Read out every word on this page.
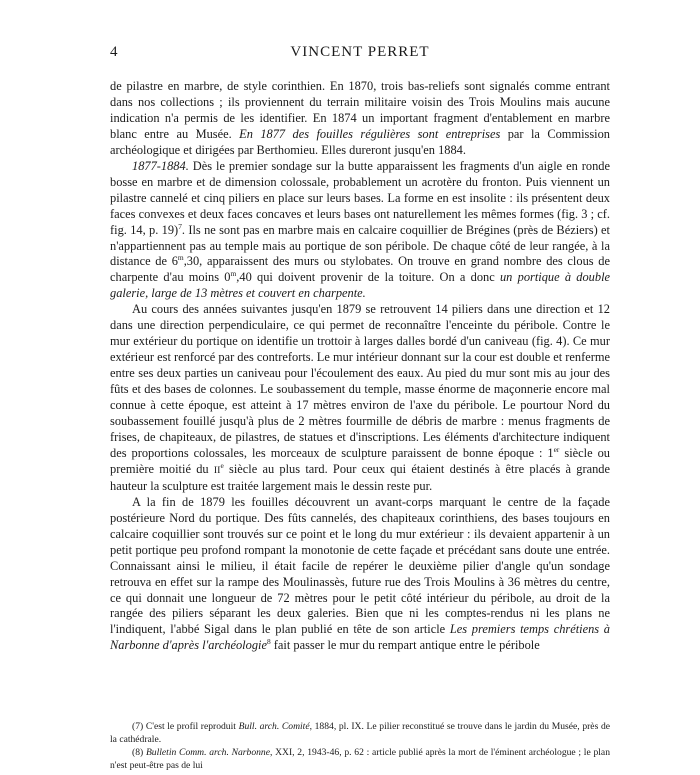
4	VINCENT PERRET

de pilastre en marbre, de style corinthien. En 1870, trois bas-reliefs sont signalés comme entrant dans nos collections ; ils proviennent du terrain militaire voisin des Trois Moulins mais aucune indication n'a permis de les identifier. En 1874 un important fragment d'entablement en marbre blanc entre au Musée. En 1877 des fouilles régulières sont entreprises par la Commission archéologique et dirigées par Berthomieu. Elles dureront jusqu'en 1884.

1877-1884. Dès le premier sondage sur la butte apparaissent les fragments d'un aigle en ronde bosse en marbre et de dimension colossale, probablement un acrotère du fronton. Puis viennent un pilastre cannelé et cinq piliers en place sur leurs bases. La forme en est insolite : ils présentent deux faces convexes et deux faces concaves et leurs bases ont naturellement les mêmes formes (fig. 3 ; cf. fig. 14, p. 19)$^7$. Ils ne sont pas en marbre mais en calcaire coquillier de Brégines (près de Béziers) et n'appartiennent pas au temple mais au portique de son péribole. De chaque côté de leur rangée, à la distance de 6$^m$,30, apparaissent des murs ou stylobates. On trouve en grand nombre des clous de charpente d'au moins 0$^m$,40 qui doivent provenir de la toiture. On a donc un portique à double galerie, large de 13 mètres et couvert en charpente.

Au cours des années suivantes jusqu'en 1879 se retrouvent 14 piliers dans une direction et 12 dans une direction perpendiculaire, ce qui permet de reconnaître l'enceinte du péribole. Contre le mur extérieur du portique on identifie un trottoir à larges dalles bordé d'un caniveau (fig. 4). Ce mur extérieur est renforcé par des contreforts. Le mur intérieur donnant sur la cour est double et renferme entre ses deux parties un caniveau pour l'écoulement des eaux. Au pied du mur sont mis au jour des fûts et des bases de colonnes. Le soubassement du temple, masse énorme de maçonnerie encore mal connue à cette époque, est atteint à 17 mètres environ de l'axe du péribole. Le pourtour Nord du soubassement fouillé jusqu'à plus de 2 mètres fourmille de débris de marbre : menus fragments de frises, de chapiteaux, de pilastres, de statues et d'inscriptions. Les éléments d'architecture indiquent des proportions colossales, les morceaux de sculpture paraissent de bonne époque : 1er siècle ou première moitié du IIe siècle au plus tard. Pour ceux qui étaient destinés à être placés à grande hauteur la sculpture est traitée largement mais le dessin reste pur.

A la fin de 1879 les fouilles découvrent un avant-corps marquant le centre de la façade postérieure Nord du portique. Des fûts cannelés, des chapiteaux corinthiens, des bases toujours en calcaire coquillier sont trouvés sur ce point et le long du mur extérieur : ils devaient appartenir à un petit portique peu profond rompant la monotonie de cette façade et précédant sans doute une entrée. Connaissant ainsi le milieu, il était facile de repérer le deuxième pilier d'angle qu'un sondage retrouva en effet sur la rampe des Moulinassès, future rue des Trois Moulins à 36 mètres du centre, ce qui donnait une longueur de 72 mètres pour le petit côté intérieur du péribole, au droit de la rangée des piliers séparant les deux galeries. Bien que ni les comptes-rendus ni les plans ne l'indiquent, l'abbé Sigal dans le plan publié en tête de son article Les premiers temps chrétiens à Narbonne d'après l'archéologie$^8$ fait passer le mur du rempart antique entre le péribole

(7) C'est le profil reproduit Bull. arch. Comité, 1884, pl. IX. Le pilier reconstitué se trouve dans le jardin du Musée, près de la cathédrale.

(8) Bulletin Comm. arch. Narbonne, XXI, 2, 1943-46, p. 62 : article publié après la mort de l'éminent archéologue ; le plan n'est peut-être pas de lui
